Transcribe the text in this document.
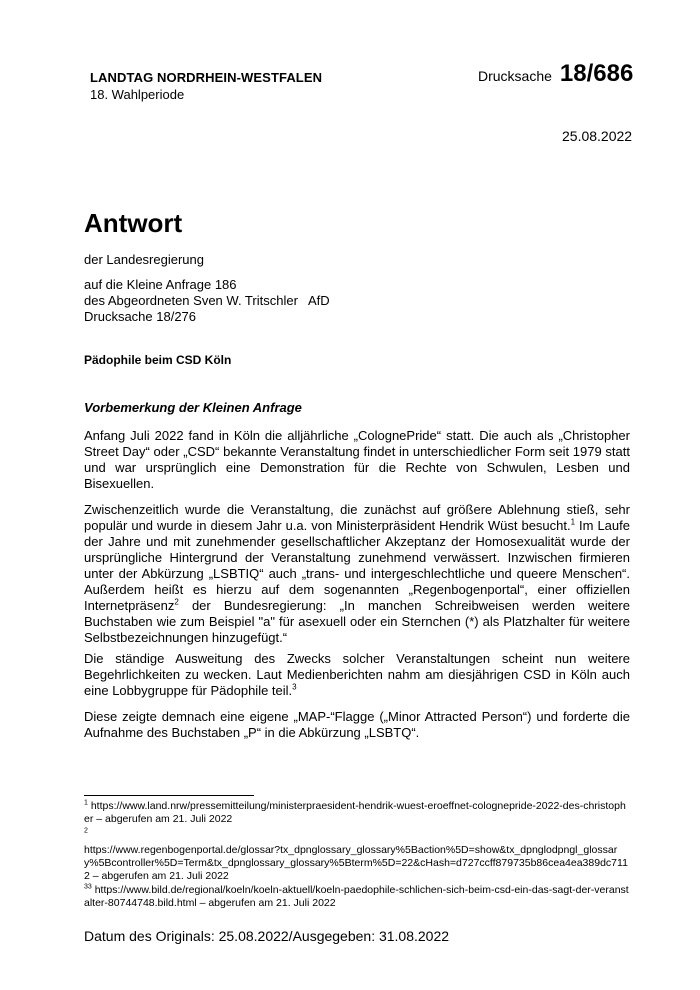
LANDTAG NORDRHEIN-WESTFALEN
18. Wahlperiode
Drucksache 18/686
25.08.2022
Antwort
der Landesregierung
auf die Kleine Anfrage 186
des Abgeordneten Sven W. Tritschler   AfD
Drucksache 18/276
Pädophile beim CSD Köln
Vorbemerkung der Kleinen Anfrage

Anfang Juli 2022 fand in Köln die alljährliche „ColognePride“ statt. Die auch als „Christopher Street Day“ oder „CSD“ bekannte Veranstaltung findet in unterschiedlicher Form seit 1979 statt und war ursprünglich eine Demonstration für die Rechte von Schwulen, Lesben und Bisexuellen.

Zwischenzeitlich wurde die Veranstaltung, die zunächst auf größere Ablehnung stieß, sehr populär und wurde in diesem Jahr u.a. von Ministerpräsident Hendrik Wüst besucht.$^1$ Im Laufe der Jahre und mit zunehmender gesellschaftlicher Akzeptanz der Homosexualität wurde der ursprüngliche Hintergrund der Veranstaltung zunehmend verwässert. Inzwischen firmieren unter der Abkürzung „LSBTIQ“ auch „trans- und intergeschlechtliche und queere Menschen“. Außerdem heißt es hierzu auf dem sogenannten „Regenbogenportal“, einer offiziellen Internetpräsenz$^2$ der Bundesregierung: „In manchen Schreibweisen werden weitere Buchstaben wie zum Beispiel "a" für asexuell oder ein Sternchen (*) als Platzhalter für weitere Selbstbezeichnungen hinzugefügt.“

Die ständige Ausweitung des Zwecks solcher Veranstaltungen scheint nun weitere Begehrlichkeiten zu wecken. Laut Medienberichten nahm am diesjährigen CSD in Köln auch eine Lobbygruppe für Pädophile teil.$^3$

Diese zeigte demnach eine eigene „MAP-“Flagge („Minor Attracted Person“) und forderte die Aufnahme des Buchstaben „P“ in die Abkürzung „LSBTQ“.

$^1$ https://www.land.nrw/pressemitteilung/ministerpraesident-hendrik-wuest-eroeffnet-colognepride-2022-des-christopher – abgerufen am 21. Juli 2022
$^2$
https://www.regenbogenportal.de/glossar?tx_dpnglossary_glossary%5Baction%5D=show&tx_dpnglodpngl_glossary%5Bcontroller%5D=Term&tx_dpnglossary_glossary%5Bterm%5D=22&cHash=d727ccff879735b86cea4ea389dc7112 – abgerufen am 21. Juli 2022
$^{33}$ https://www.bild.de/regional/koeln/koeln-aktuell/koeln-paedophile-schlichen-sich-beim-csd-ein-das-sagt-der-veranstalter-80744748.bild.html – abgerufen am 21. Juli 2022
Datum des Originals: 25.08.2022/Ausgegeben: 31.08.2022
